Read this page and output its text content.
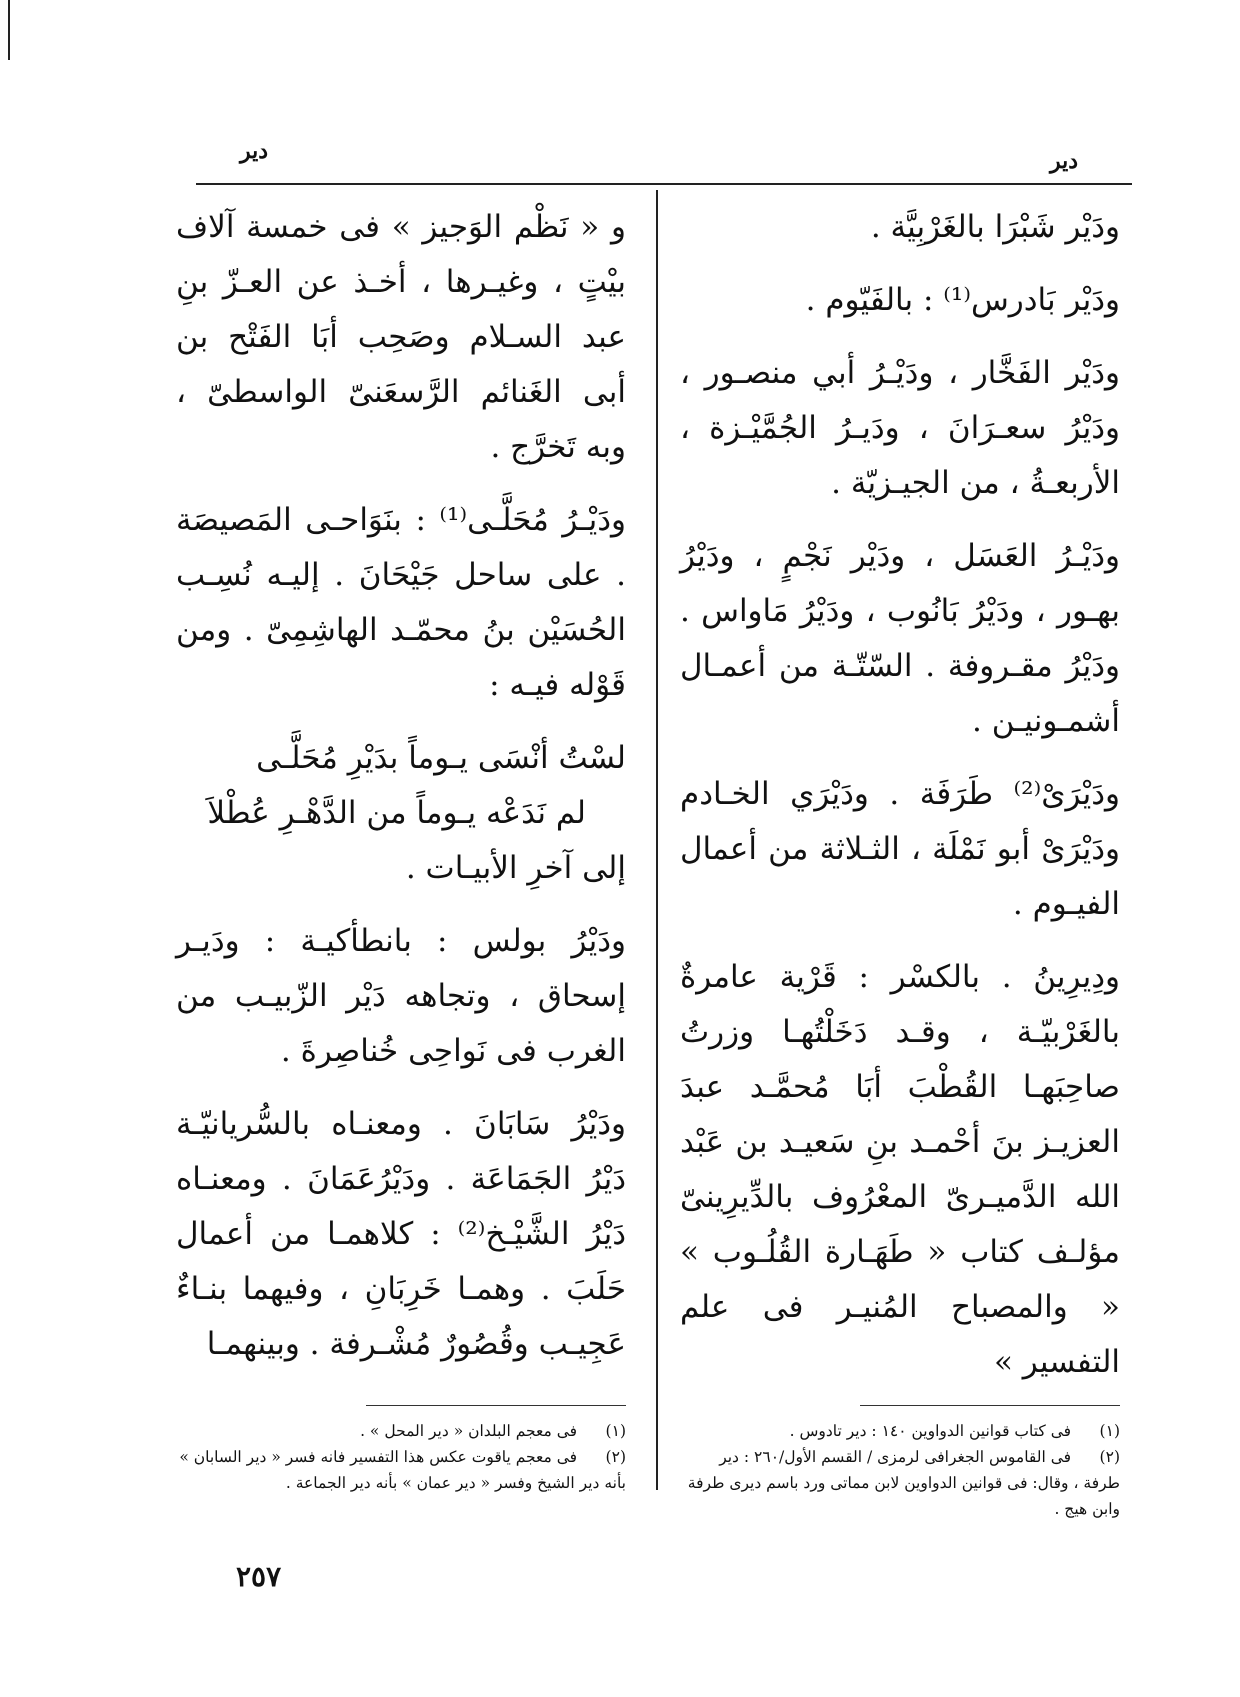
دير	دير

ودَيْر شَبْرَا بالغَرْبِيَّة .

ودَيْر بَادرس⁽¹⁾ : بالفَيّوم .

ودَيْر الفَخَّار ، ودَيْـرُ أبي منصـور ، ودَيْرُ سعـرَانَ ، ودَيـرُ الجُمَّيْـزة ، الأربعـةُ ، من الجيـزيّة .

ودَيْـرُ العَسَل ، ودَيْر نَجْمٍ ، ودَيْرُ بهـور ، ودَيْرُ بَانُوب ، ودَيْرُ مَاواس . ودَيْرُ مقـروفة . السّتّـة من أعمـال أشمـونيـن .

ودَيْرَىْ⁽²⁾ طَرَفَة . ودَيْرَي الخـادم ودَيْرَىْ أبو نَمْلَة ، الثـلاثة من أعمال الفيـوم .

ودِيرِينُ . بالكسْر : قَرْية عامرةٌ بالغَرْبيّـة ، وقـد دَخَلْتُهـا وزرتُ صاحِبَهـا القُطْبَ أبَا مُحمَّـد عبدَ العزيـز بنَ أحْمـد بنِ سَعيـد بن عَبْد الله الدَّميـرىّ المعْرُوف بالدِّيرِينىّ مؤلـف كتاب « طَهَـارة القُلُـوب » « والمصباح المُنيـر فى علم التفسير »

و « نَظْم الوَجيز » فى خمسة آلاف بيْتٍ ، وغيـرها ، أخـذ عن العـزّ بنِ عبد السـلام وصَحِب أبَا الفَتْح بن أبى الغَنائم الرَّسعَنىّ الواسطىّ ، وبه تَخرَّج .

ودَيْـرُ مُحَلَّـى⁽¹⁾ : بنَوَاحـى المَصيصَة . على ساحل جَيْحَانَ . إليـه نُسِـب الحُسَيْن بنُ محمّـد الهاشِمِىّ . ومن قَوْله فيـه :

لسْتُ أنْسَى يـوماً بدَيْرِ مُحَلَّـى
لم نَدَعْه يـوماً من الدَّهْـرِ عُطْلاَ

إلى آخرِ الأبيـات .

ودَيْرُ بولس : بانطأكيـة : ودَيـر إسحاق ، وتجاهه دَيْر الزّبيـب من الغرب فى نَواحِى خُناصِرةَ .

ودَيْرُ سَابَانَ . ومعنـاه بالسُّريانيّـة دَيْرُ الجَمَاعَة . ودَيْرُعَمَانَ . ومعنـاه دَيْرُ الشَّيْـخ⁽²⁾ : كلاهمـا من أعمال حَلَبَ . وهمـا خَرِبَانِ ، وفيهما بنـاءٌ عَجِيـب وقُصُورٌ مُشْـرفة . وبينهمـا

(١) فى معجم البلدان « دير المحل » .
(٢) فى معجم ياقوت عكس هذا التفسير فانه فسر « دير السابان » بأنه دير الشيخ وفسر « دير عمان » بأنه دير الجماعة .
(١) فى كتاب قوانين الدواوين ١٤٠ : دير تادوس .
(٢) فى القاموس الجغرافى لرمزى / القسم الأول/٢٦٠ : دير طرفة ، وقال: فى قوانين الدواوين لابن مماتى ورد باسم ديرى طرفة وابن هيج .
٢٥٧
